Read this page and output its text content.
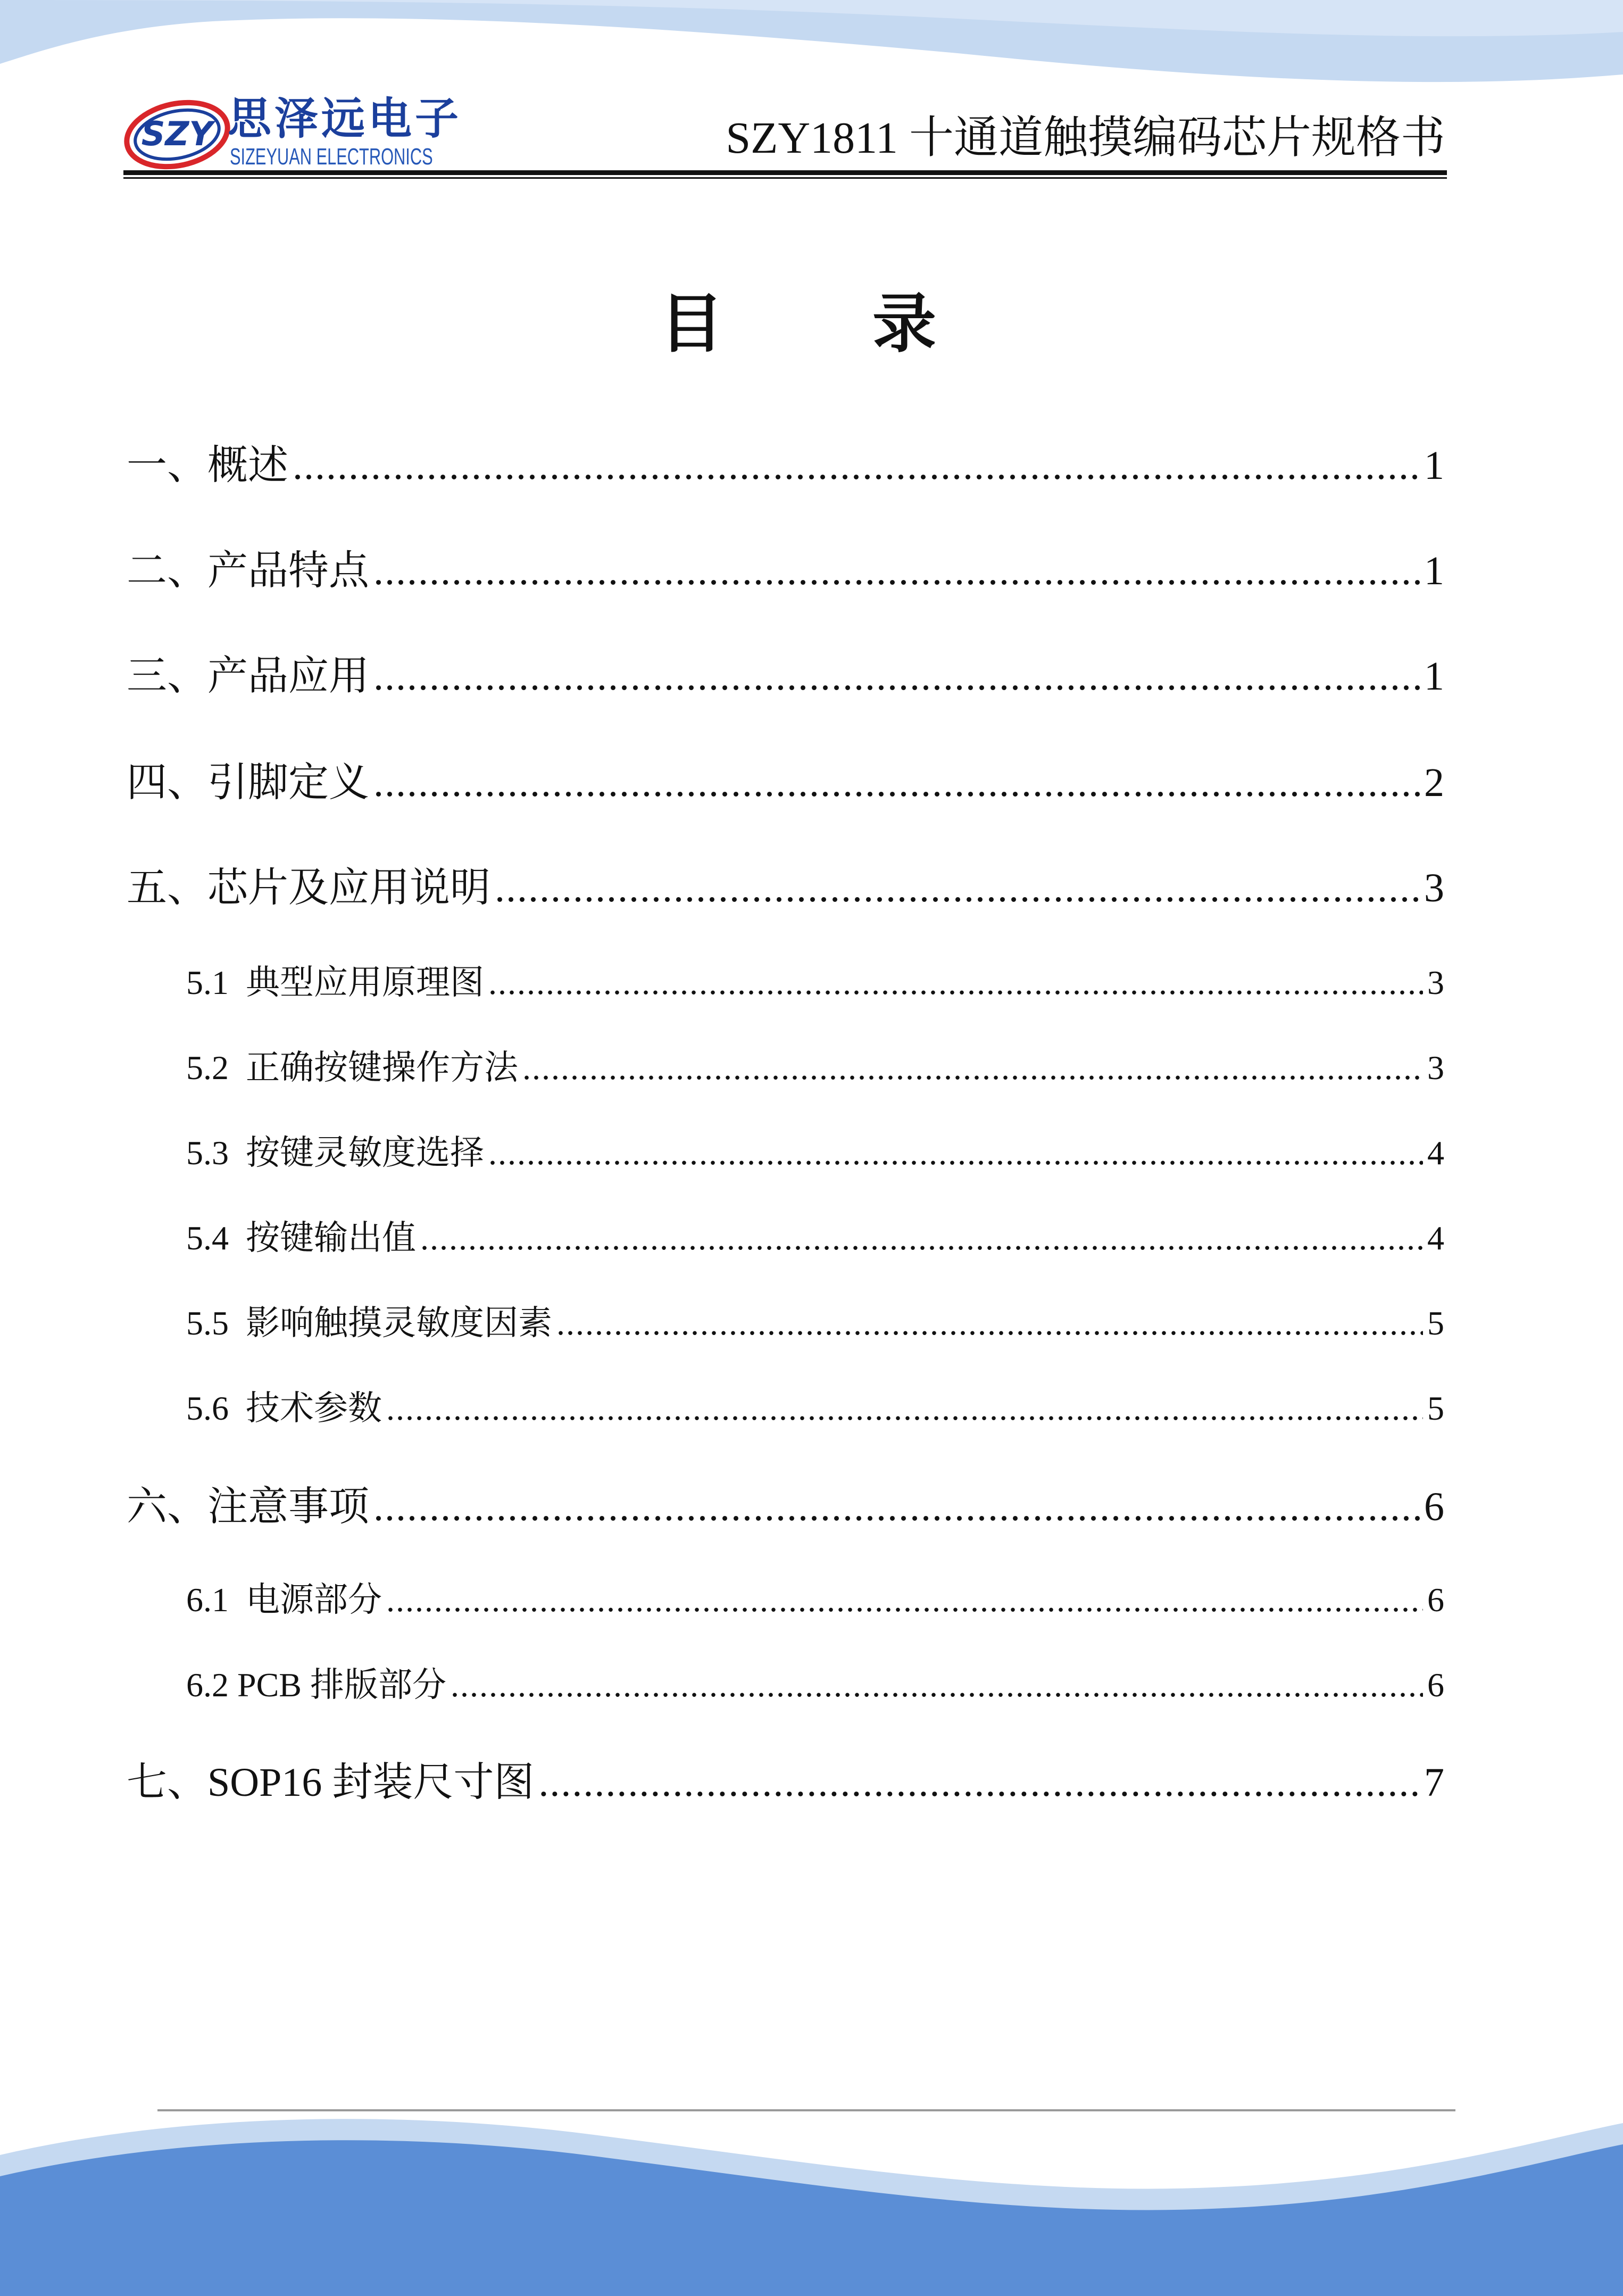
SZY 思泽远电子
SIZEYUAN ELECTRONICS	SZY1811 十通道触摸编码芯片规格书
目 录
一、 概述 .....	1
二、 产品特点 .....	1
三、 产品应用 .....	1
四、 引脚定义 .....	2
五、 芯片及应用说明 .....	3
5.1 典型应用原理图 .....	3
5.2 正确按键操作方法 .....	3
5.3 按键灵敏度选择 .....	4
5.4 按键输出值 .....	4
5.5 影响触摸灵敏度因素 .....	5
5.6 技术参数 .....	5
六、 注意事项 .....	6
6.1 电源部分 .....	6
6.2 PCB 排版部分 .....	6
七、 SOP16 封装尺寸图 .....	7
